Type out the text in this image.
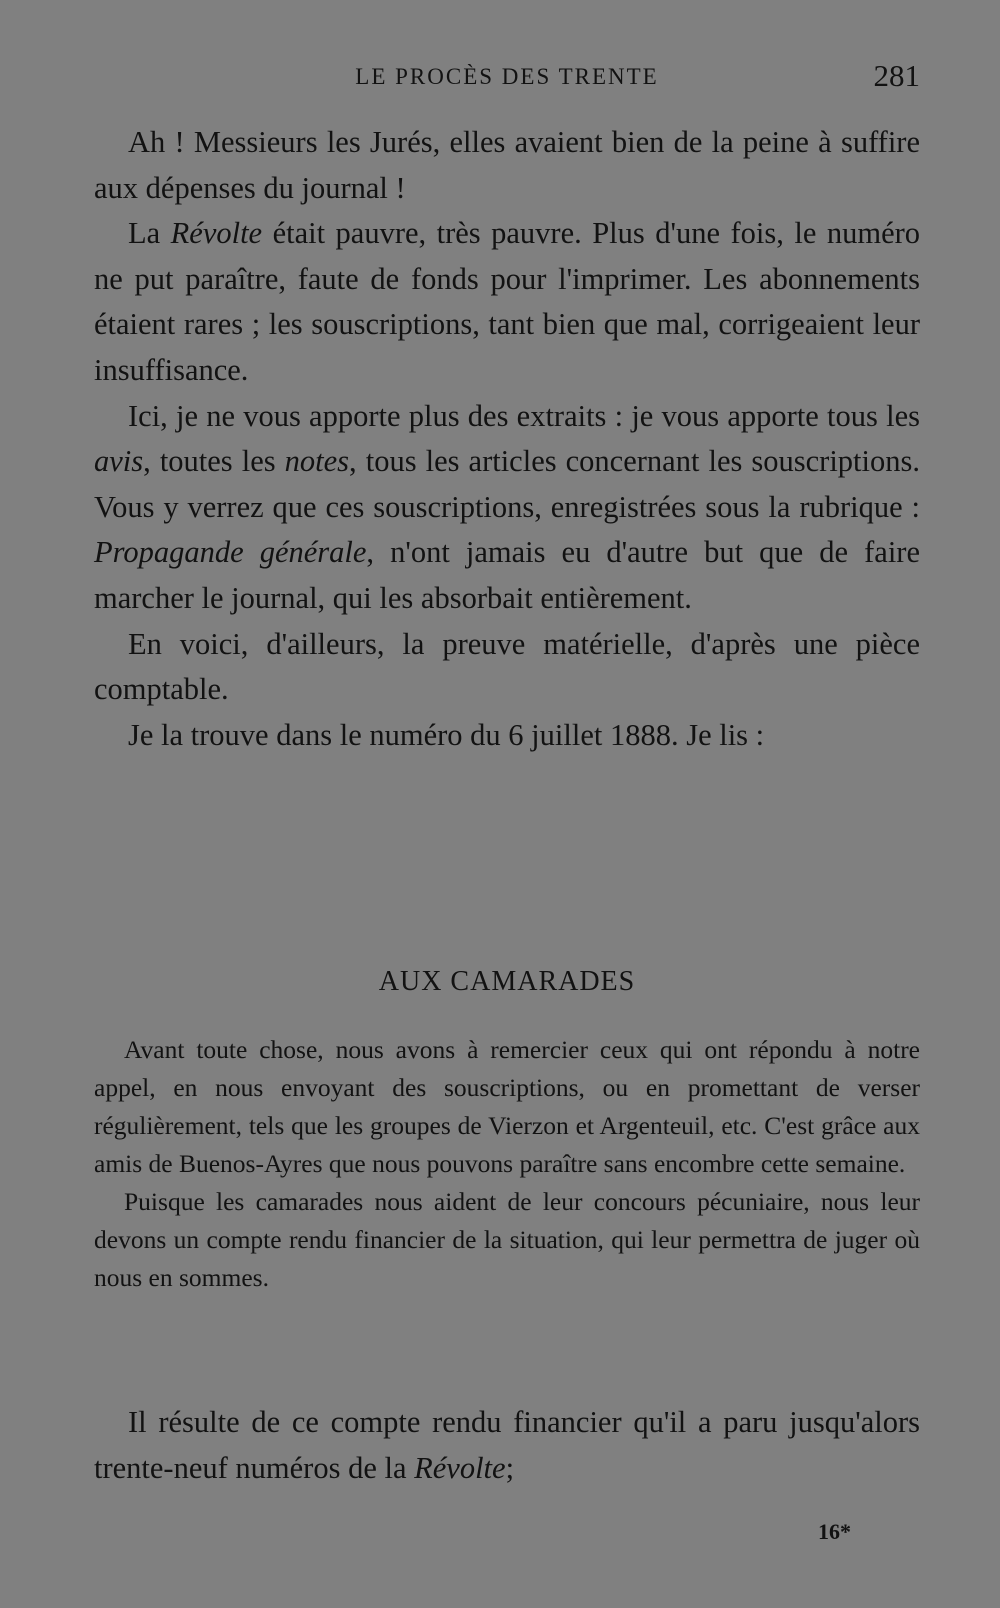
LE PROCÈS DES TRENTE	281

Ah ! Messieurs les Jurés, elles avaient bien de la peine à suffire aux dépenses du journal !

La Révolte était pauvre, très pauvre. Plus d'une fois, le numéro ne put paraître, faute de fonds pour l'imprimer. Les abonnements étaient rares ; les souscriptions, tant bien que mal, corrigeaient leur insuffisance.

Ici, je ne vous apporte plus des extraits : je vous apporte tous les avis, toutes les notes, tous les articles concernant les souscriptions. Vous y verrez que ces souscriptions, enregistrées sous la rubrique : Propagande générale, n'ont jamais eu d'autre but que de faire marcher le journal, qui les absorbait entièrement.

En voici, d'ailleurs, la preuve matérielle, d'après une pièce comptable.

Je la trouve dans le numéro du 6 juillet 1888. Je lis :

AUX CAMARADES

Avant toute chose, nous avons à remercier ceux qui ont répondu à notre appel, en nous envoyant des souscriptions, ou en promettant de verser régulièrement, tels que les groupes de Vierzon et Argenteuil, etc. C'est grâce aux amis de Buenos-Ayres que nous pouvons paraître sans encombre cette semaine.

Puisque les camarades nous aident de leur concours pécuniaire, nous leur devons un compte rendu financier de la situation, qui leur permettra de juger où nous en sommes.

Il résulte de ce compte rendu financier qu'il a paru jusqu'alors trente-neuf numéros de la Révolte;

16*
